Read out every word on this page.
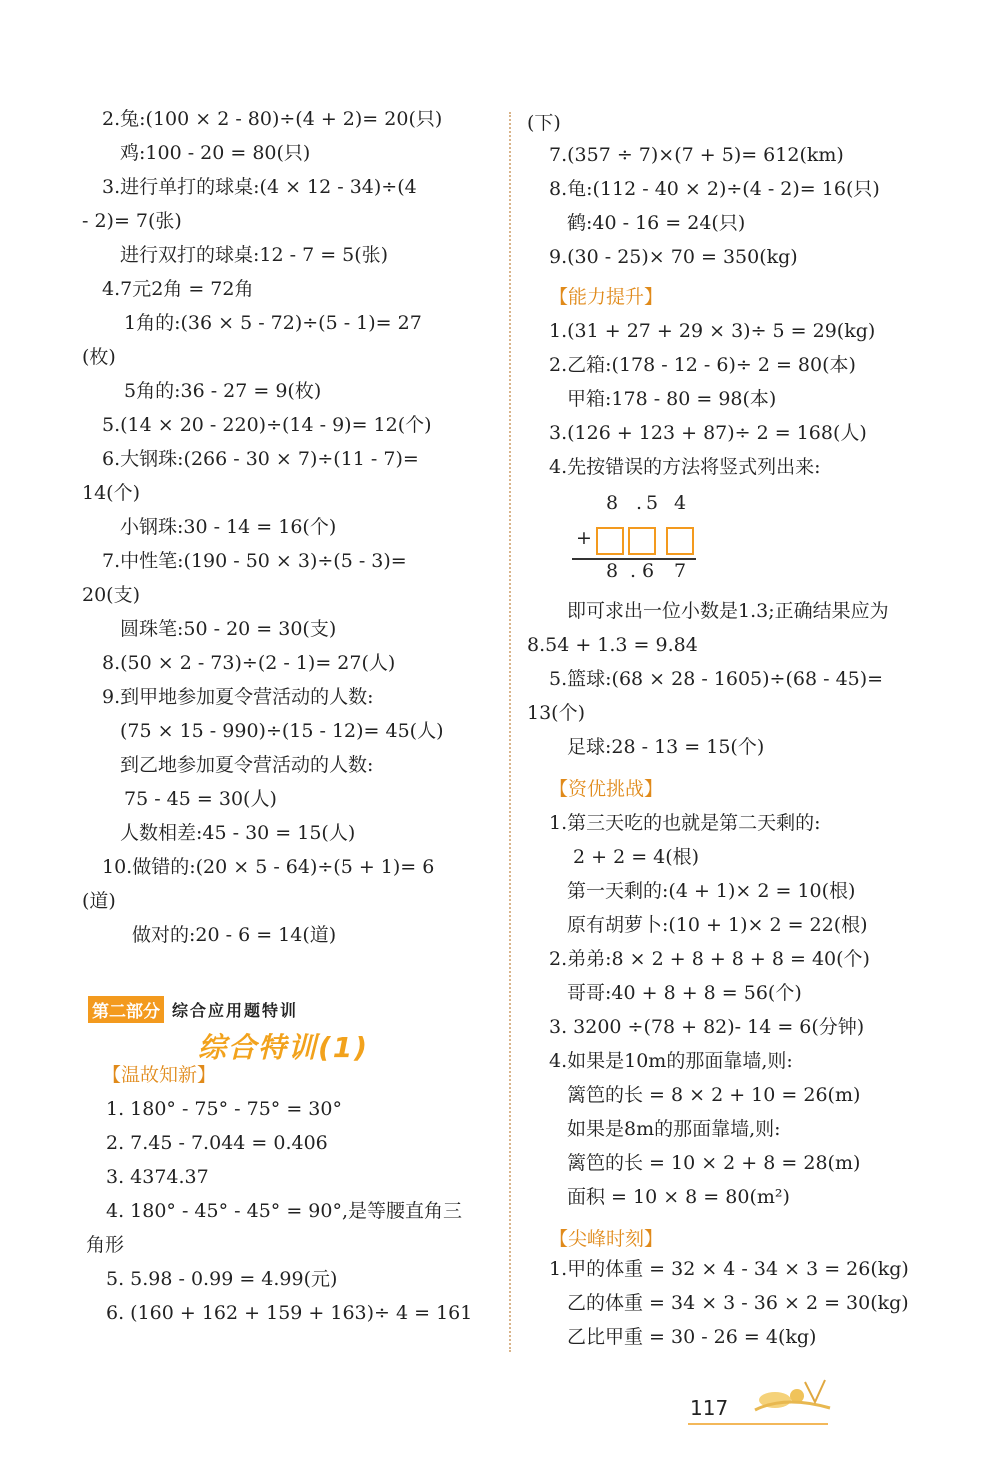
2.兔:(100 × 2 - 80)÷(4 + 2)= 20(只)
鸡:100 - 20 = 80(只)
3.进行单打的球桌:(4 × 12 - 34)÷(4
- 2)= 7(张)
进行双打的球桌:12 - 7 = 5(张)
4.7元2角 = 72角
1角的:(36 × 5 - 72)÷(5 - 1)= 27
(枚)
5角的:36 - 27 = 9(枚)
5.(14 × 20 - 220)÷(14 - 9)= 12(个)
6.大钢珠:(266 - 30 × 7)÷(11 - 7)=
14(个)
小钢珠:30 - 14 = 16(个)
7.中性笔:(190 - 50 × 3)÷(5 - 3)=
20(支)
圆珠笔:50 - 20 = 30(支)
8.(50 × 2 - 73)÷(2 - 1)= 27(人)
9.到甲地参加夏令营活动的人数:
(75 × 15 - 990)÷(15 - 12)= 45(人)
到乙地参加夏令营活动的人数:
75 - 45 = 30(人)
人数相差:45 - 30 = 15(人)
10.做错的:(20 × 5 - 64)÷(5 + 1)= 6
(道)
做对的:20 - 6 = 14(道)
【温故知新】
1. 180° - 75° - 75° = 30°
2. 7.45 - 7.044 = 0.406
3. 4374.37
4. 180° - 45° - 45° = 90°,是等腰直角三
角形
5. 5.98 - 0.99 = 4.99(元)
6. (160 + 162 + 159 + 163)÷ 4 = 161
(下)
7.(357 ÷ 7)×(7 + 5)= 612(km)
8.龟:(112 - 40 × 2)÷(4 - 2)= 16(只)
鹤:40 - 16 = 24(只)
9.(30 - 25)× 70 = 350(kg)
【能力提升】
1.(31 + 27 + 29 × 3)÷ 5 = 29(kg)
2.乙箱:(178 - 12 - 6)÷ 2 = 80(本)
甲箱:178 - 80 = 98(本)
3.(126 + 123 + 87)÷ 2 = 168(人)
4.先按错误的方法将竖式列出来:
即可求出一位小数是1.3;正确结果应为
8.54 + 1.3 = 9.84
5.篮球:(68 × 28 - 1605)÷(68 - 45)=
13(个)
足球:28 - 13 = 15(个)
【资优挑战】
1.第三天吃的也就是第二天剩的:
2 + 2 = 4(根)
第一天剩的:(4 + 1)× 2 = 10(根)
原有胡萝卜:(10 + 1)× 2 = 22(根)
2.弟弟:8 × 2 + 8 + 8 + 8 = 40(个)
哥哥:40 + 8 + 8 = 56(个)
3. 3200 ÷(78 + 82)- 14 = 6(分钟)
4.如果是10m的那面靠墙,则:
篱笆的长 = 8 × 2 + 10 = 26(m)
如果是8m的那面靠墙,则:
篱笆的长 = 10 × 2 + 8 = 28(m)
面积 = 10 × 8 = 80(m²)
【尖峰时刻】
1.甲的体重 = 32 × 4 - 34 × 3 = 26(kg)
乙的体重 = 34 × 3 - 36 × 2 = 30(kg)
乙比甲重 = 30 - 26 = 4(kg)
第二部分 综合应用题特训
综合特训(1)
8 . 5 4
+
8 . 6 7
117
